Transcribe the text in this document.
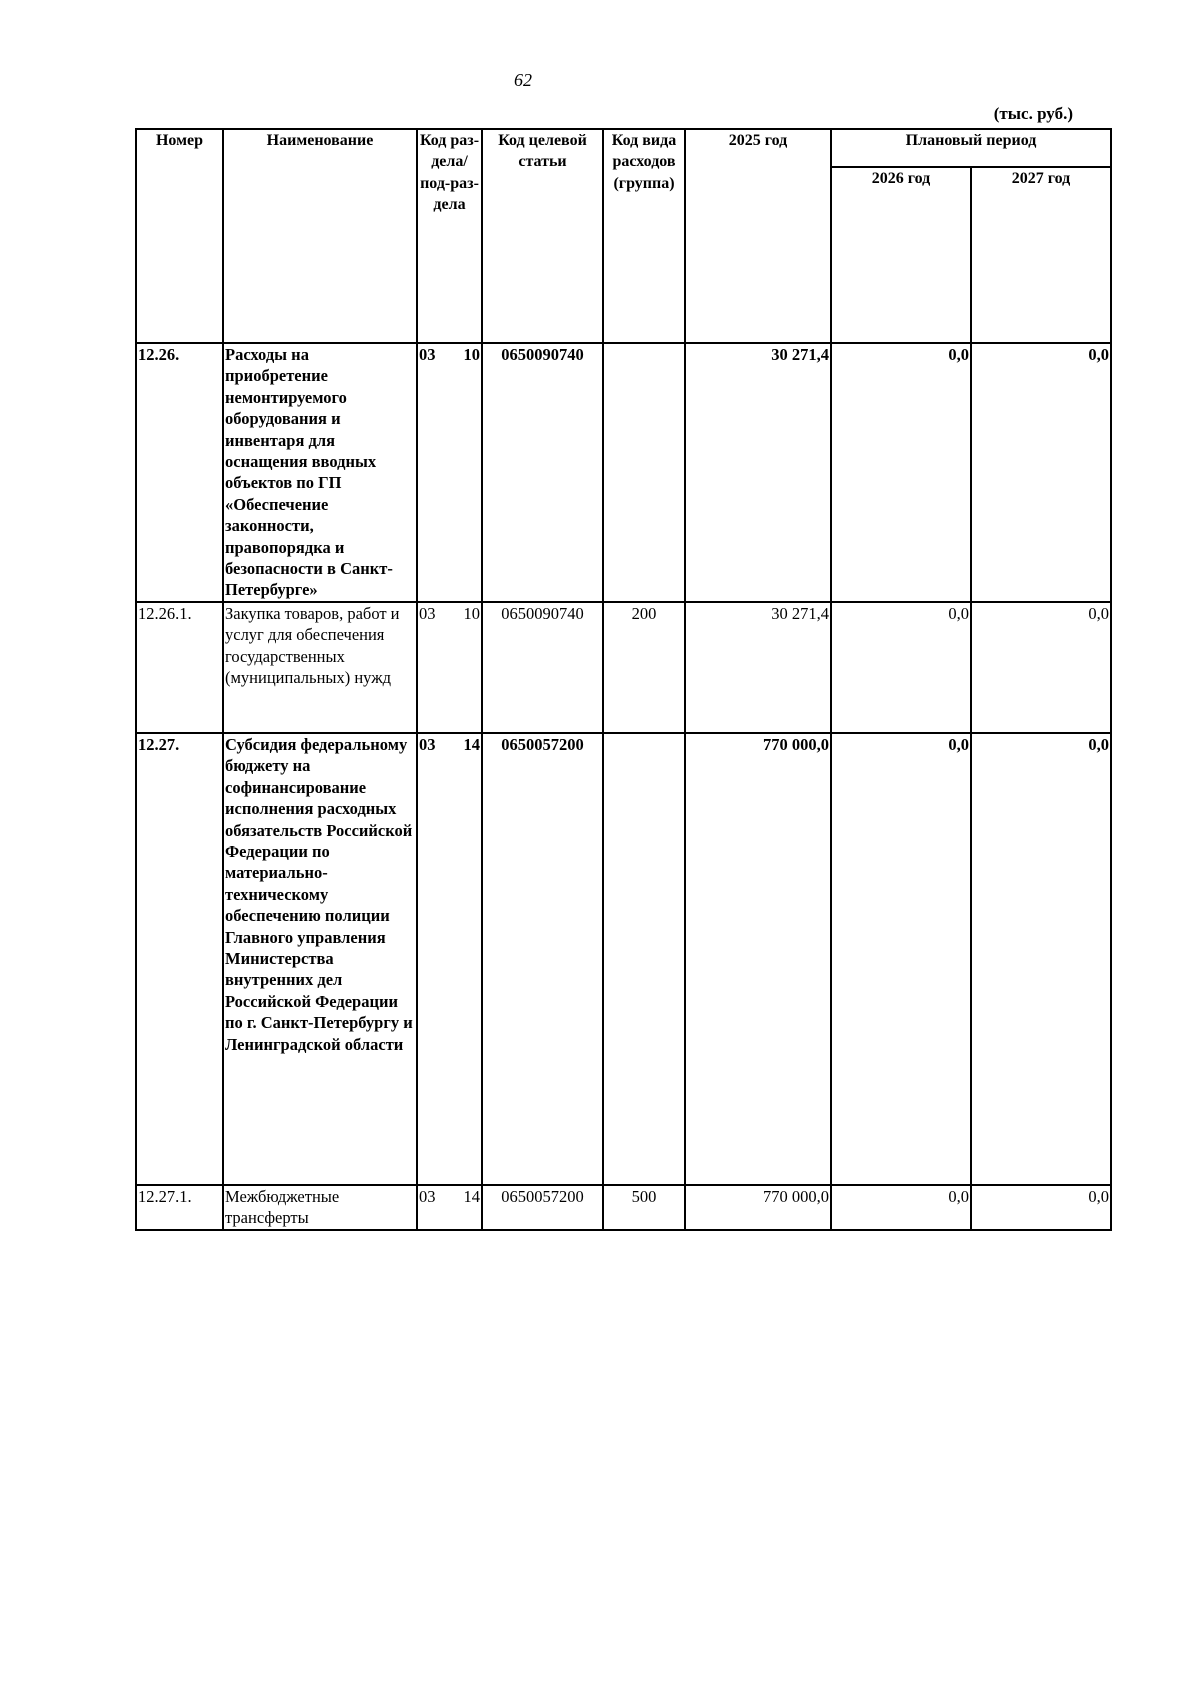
62
(тыс. руб.)
Номер	Наименование	Код раз-дела/ под-раз-дела	Код целевой статьи	Код вида расходов (группа)	2025 год	Плановый период	
						2026 год	2027 год
12.26.	Расходы на приобретение немонтируемого оборудования и инвентаря для оснащения вводных объектов по ГП «Обеспечение законности, правопорядка и безопасности в Санкт-Петербурге»	03 10	0650090740		30 271,4	0,0	0,0
12.26.1.	Закупка товаров, работ и услуг для обеспечения государственных (муниципальных) нужд	03 10	0650090740	200	30 271,4	0,0	0,0
12.27.	Субсидия федеральному бюджету на софинансирование исполнения расходных обязательств Российской Федерации по материально-техническому обеспечению полиции Главного управления Министерства внутренних дел Российской Федерации по г. Санкт-Петербургу и Ленинградской области	03 14	0650057200		770 000,0	0,0	0,0
12.27.1.	Межбюджетные трансферты	03 14	0650057200	500	770 000,0	0,0	0,0
